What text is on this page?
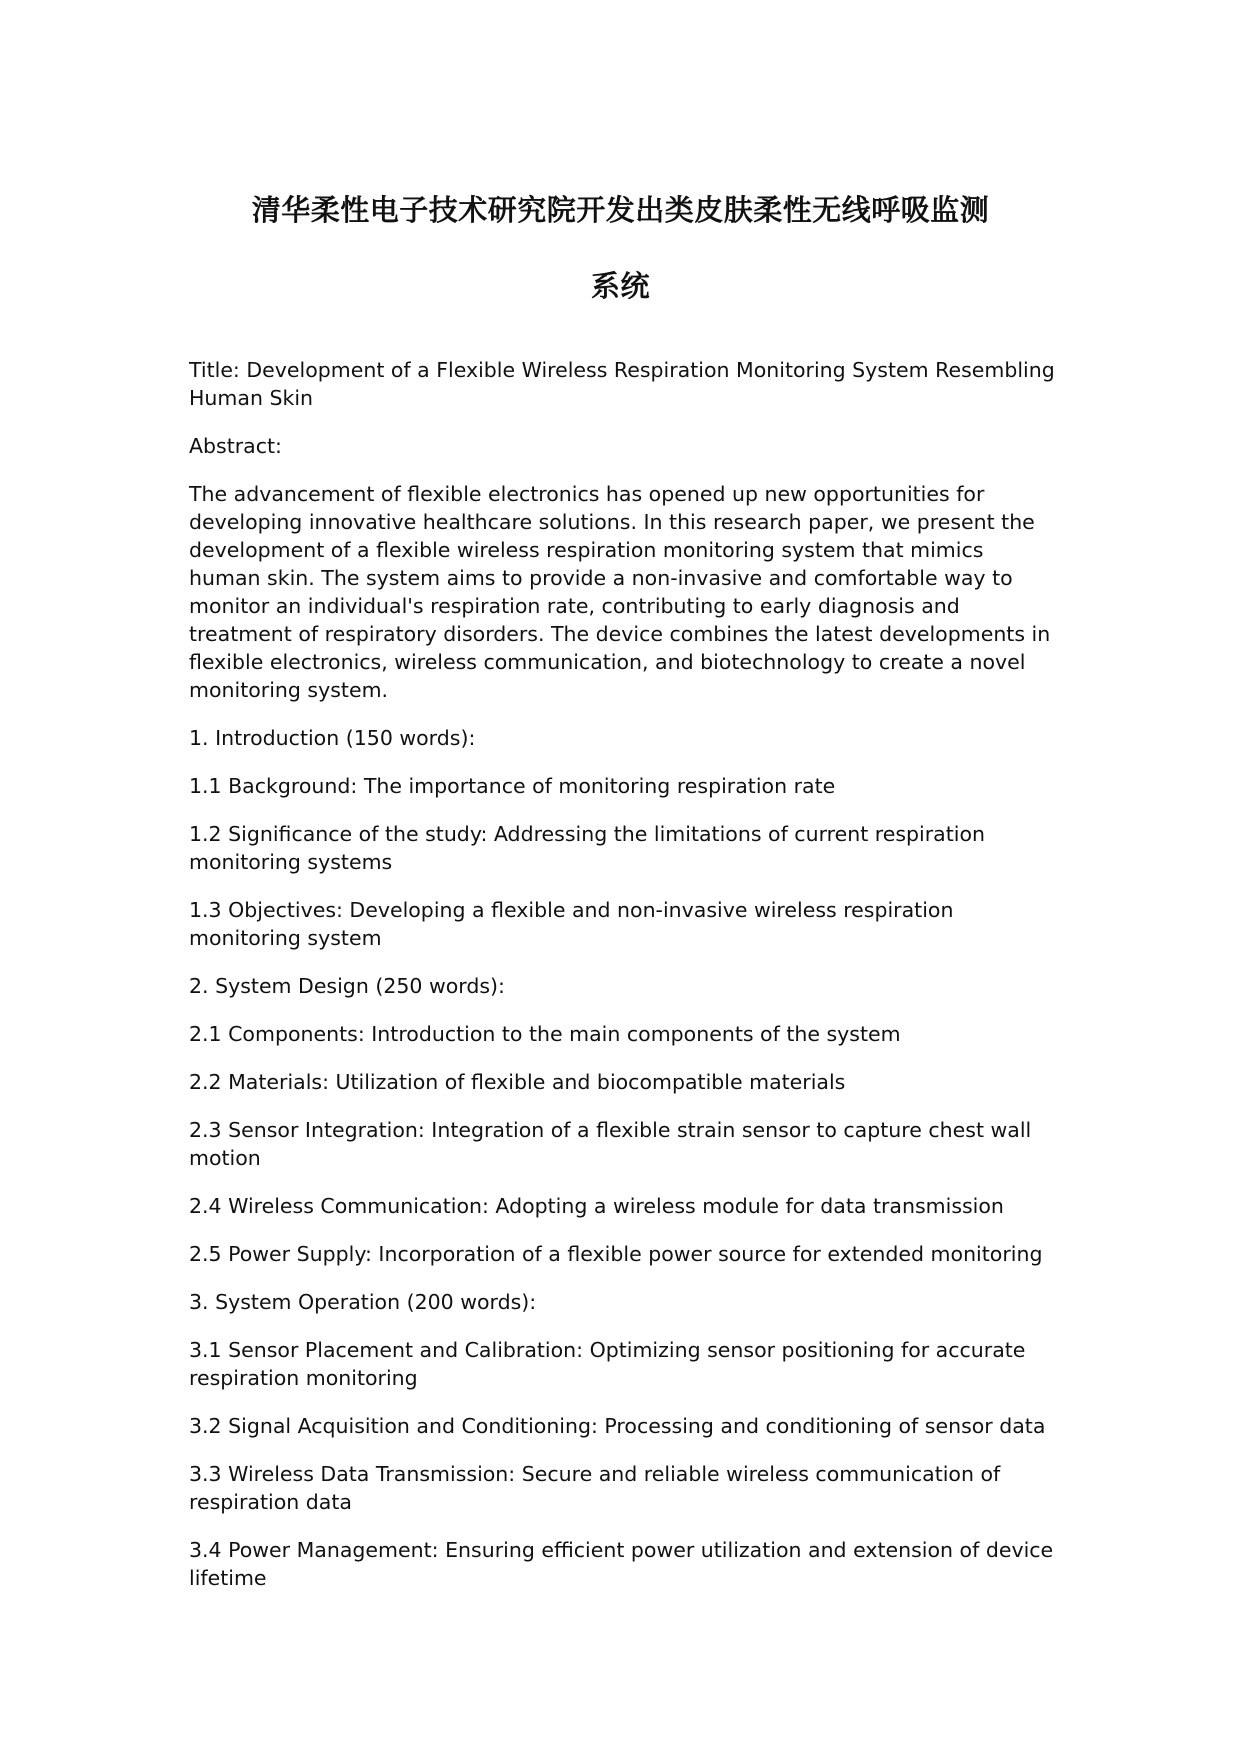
清华柔性电子技术研究院开发出类皮肤柔性无线呼吸监测
系统

Title: Development of a Flexible Wireless Respiration Monitoring System Resembling Human Skin

Abstract:

The advancement of flexible electronics has opened up new opportunities for developing innovative healthcare solutions. In this research paper, we present the development of a flexible wireless respiration monitoring system that mimics human skin. The system aims to provide a non-invasive and comfortable way to monitor an individual's respiration rate, contributing to early diagnosis and treatment of respiratory disorders. The device combines the latest developments in flexible electronics, wireless communication, and biotechnology to create a novel monitoring system.

1. Introduction (150 words):

1.1 Background: The importance of monitoring respiration rate

1.2 Significance of the study: Addressing the limitations of current respiration monitoring systems

1.3 Objectives: Developing a flexible and non-invasive wireless respiration monitoring system

2. System Design (250 words):

2.1 Components: Introduction to the main components of the system

2.2 Materials: Utilization of flexible and biocompatible materials

2.3 Sensor Integration: Integration of a flexible strain sensor to capture chest wall motion

2.4 Wireless Communication: Adopting a wireless module for data transmission

2.5 Power Supply: Incorporation of a flexible power source for extended monitoring

3. System Operation (200 words):

3.1 Sensor Placement and Calibration: Optimizing sensor positioning for accurate respiration monitoring

3.2 Signal Acquisition and Conditioning: Processing and conditioning of sensor data

3.3 Wireless Data Transmission: Secure and reliable wireless communication of respiration data

3.4 Power Management: Ensuring efficient power utilization and extension of device lifetime
